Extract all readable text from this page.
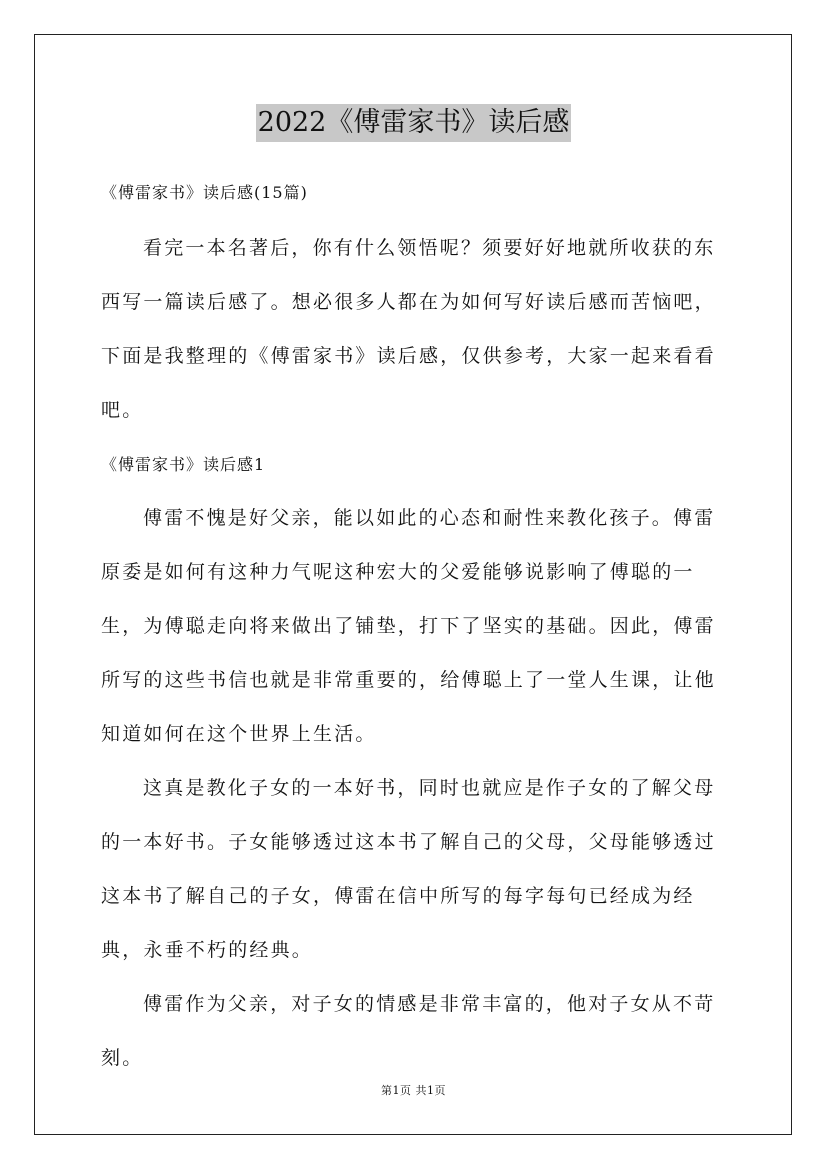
2022《傅雷家书》读后感
《傅雷家书》读后感(15篇)

看完一本名著后，你有什么领悟呢？须要好好地就所收获的东西写一篇读后感了。想必很多人都在为如何写好读后感而苦恼吧，下面是我整理的《傅雷家书》读后感，仅供参考，大家一起来看看吧。

《傅雷家书》读后感1

傅雷不愧是好父亲，能以如此的心态和耐性来教化孩子。傅雷原委是如何有这种力气呢这种宏大的父爱能够说影响了傅聪的一生，为傅聪走向将来做出了铺垫，打下了坚实的基础。因此，傅雷所写的这些书信也就是非常重要的，给傅聪上了一堂人生课，让他知道如何在这个世界上生活。

这真是教化子女的一本好书，同时也就应是作子女的了解父母的一本好书。子女能够透过这本书了解自己的父母，父母能够透过这本书了解自己的子女，傅雷在信中所写的每字每句已经成为经典，永垂不朽的经典。

傅雷作为父亲，对子女的情感是非常丰富的，他对子女从不苛刻。

第1页 共1页
